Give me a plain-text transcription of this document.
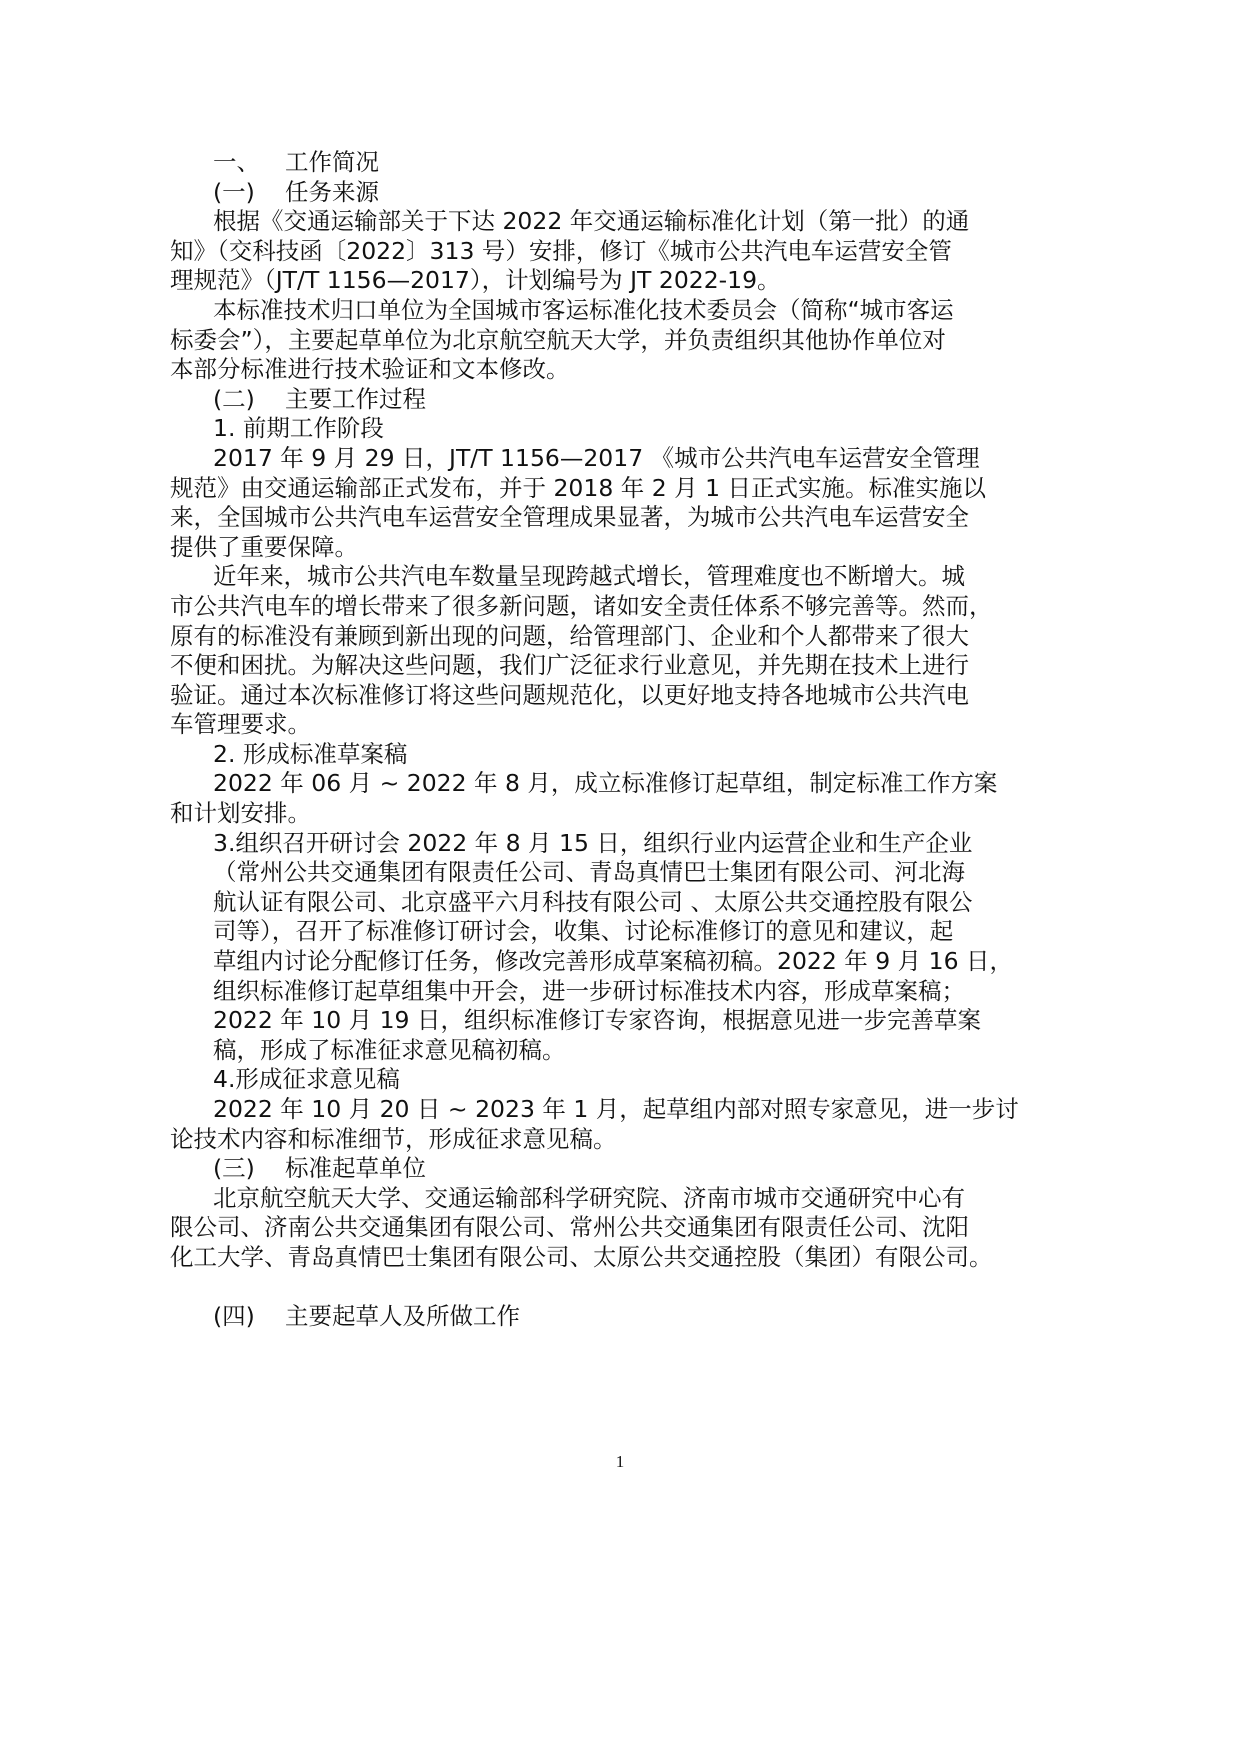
一、 工作简况
(一) 任务来源
根据《交通运输部关于下达 2022 年交通运输标准化计划（第一批）的通
知》（交科技函〔2022〕313 号）安排，修订《城市公共汽电车运营安全管
理规范》（JT/T 1156—2017），计划编号为 JT 2022-19。
本标准技术归口单位为全国城市客运标准化技术委员会（简称“城市客运
标委会”），主要起草单位为北京航空航天大学，并负责组织其他协作单位对
本部分标准进行技术验证和文本修改。
(二) 主要工作过程
1. 前期工作阶段
2017 年 9 月 29 日，JT/T 1156—2017 《城市公共汽电车运营安全管理
规范》由交通运输部正式发布，并于 2018 年 2 月 1 日正式实施。标准实施以
来，全国城市公共汽电车运营安全管理成果显著，为城市公共汽电车运营安全
提供了重要保障。
近年来，城市公共汽电车数量呈现跨越式增长，管理难度也不断增大。城
市公共汽电车的增长带来了很多新问题，诸如安全责任体系不够完善等。然而，
原有的标准没有兼顾到新出现的问题，给管理部门、企业和个人都带来了很大
不便和困扰。为解决这些问题，我们广泛征求行业意见，并先期在技术上进行
验证。通过本次标准修订将这些问题规范化，以更好地支持各地城市公共汽电
车管理要求。
2. 形成标准草案稿
2022 年 06 月 ~ 2022 年 8 月，成立标准修订起草组，制定标准工作方案
和计划安排。
3.组织召开研讨会 2022 年 8 月 15 日，组织行业内运营企业和生产企业
（常州公共交通集团有限责任公司、青岛真情巴士集团有限公司、河北海
航认证有限公司、北京盛平六月科技有限公司 、太原公共交通控股有限公
司等），召开了标准修订研讨会，收集、讨论标准修订的意见和建议，起
草组内讨论分配修订任务，修改完善形成草案稿初稿。2022 年 9 月 16 日，
组织标准修订起草组集中开会，进一步研讨标准技术内容，形成草案稿；
2022 年 10 月 19 日，组织标准修订专家咨询，根据意见进一步完善草案
稿，形成了标准征求意见稿初稿。
4.形成征求意见稿
2022 年 10 月 20 日 ~ 2023 年 1 月，起草组内部对照专家意见，进一步讨
论技术内容和标准细节，形成征求意见稿。
(三) 标准起草单位
北京航空航天大学、交通运输部科学研究院、济南市城市交通研究中心有
限公司、济南公共交通集团有限公司、常州公共交通集团有限责任公司、沈阳
化工大学、青岛真情巴士集团有限公司、太原公共交通控股（集团）有限公司。
(四) 主要起草人及所做工作
1
